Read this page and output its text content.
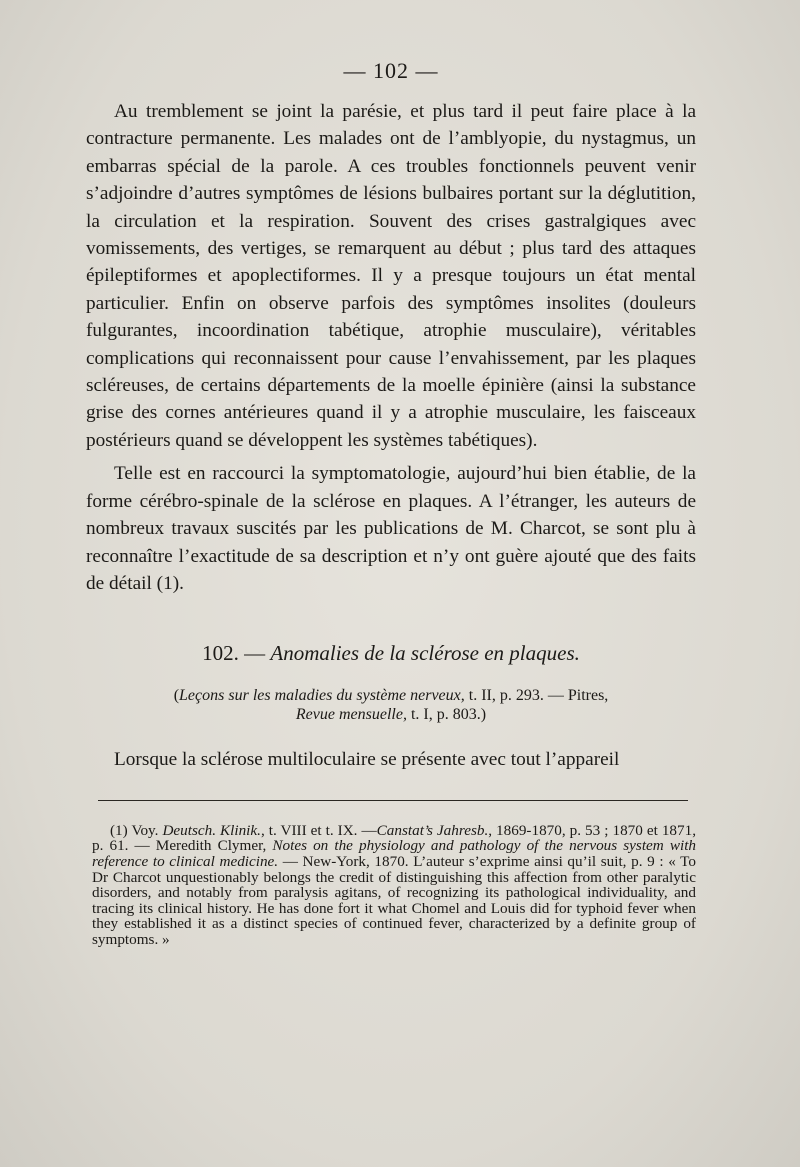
— 102 —

Au tremblement se joint la parésie, et plus tard il peut faire place à la contracture permanente. Les malades ont de l’amblyopie, du nystagmus, un embarras spécial de la parole. A ces troubles fonctionnels peuvent venir s’adjoindre d’autres symptômes de lésions bulbaires portant sur la déglutition, la circulation et la respiration. Souvent des crises gastralgiques avec vomissements, des vertiges, se remarquent au début ; plus tard des attaques épileptiformes et apoplectiformes. Il y a presque toujours un état mental particulier. Enfin on observe parfois des symptômes insolites (douleurs fulgurantes, incoordination tabétique, atrophie musculaire), véritables complications qui reconnaissent pour cause l’envahissement, par les plaques scléreuses, de certains départements de la moelle épinière (ainsi la substance grise des cornes antérieures quand il y a atrophie musculaire, les faisceaux postérieurs quand se développent les systèmes tabétiques).

Telle est en raccourci la symptomatologie, aujourd’hui bien établie, de la forme cérébro-spinale de la sclérose en plaques. A l’étranger, les auteurs de nombreux travaux suscités par les publications de M. Charcot, se sont plu à reconnaître l’exactitude de sa description et n’y ont guère ajouté que des faits de détail (1).

102. — Anomalies de la sclérose en plaques.
(Leçons sur les maladies du système nerveux, t. II, p. 293. — Pitres,
Revue mensuelle, t. I, p. 803.)

Lorsque la sclérose multiloculaire se présente avec tout l’appareil

(1) Voy. Deutsch. Klinik., t. VIII et t. IX. —Canstat’s Jahresb., 1869-1870, p. 53 ; 1870 et 1871, p. 61. — Meredith Clymer, Notes on the physiology and pathology of the nervous system with reference to clinical medicine. — New-York, 1870. L’auteur s’exprime ainsi qu’il suit, p. 9 : « To Dr Charcot unquestionably belongs the credit of distinguishing this affection from other paralytic disorders, and notably from paralysis agitans, of recognizing its pathological individuality, and tracing its clinical history. He has done fort it what Chomel and Louis did for typhoid fever when they established it as a distinct species of continued fever, characterized by a definite group of symptoms. »
